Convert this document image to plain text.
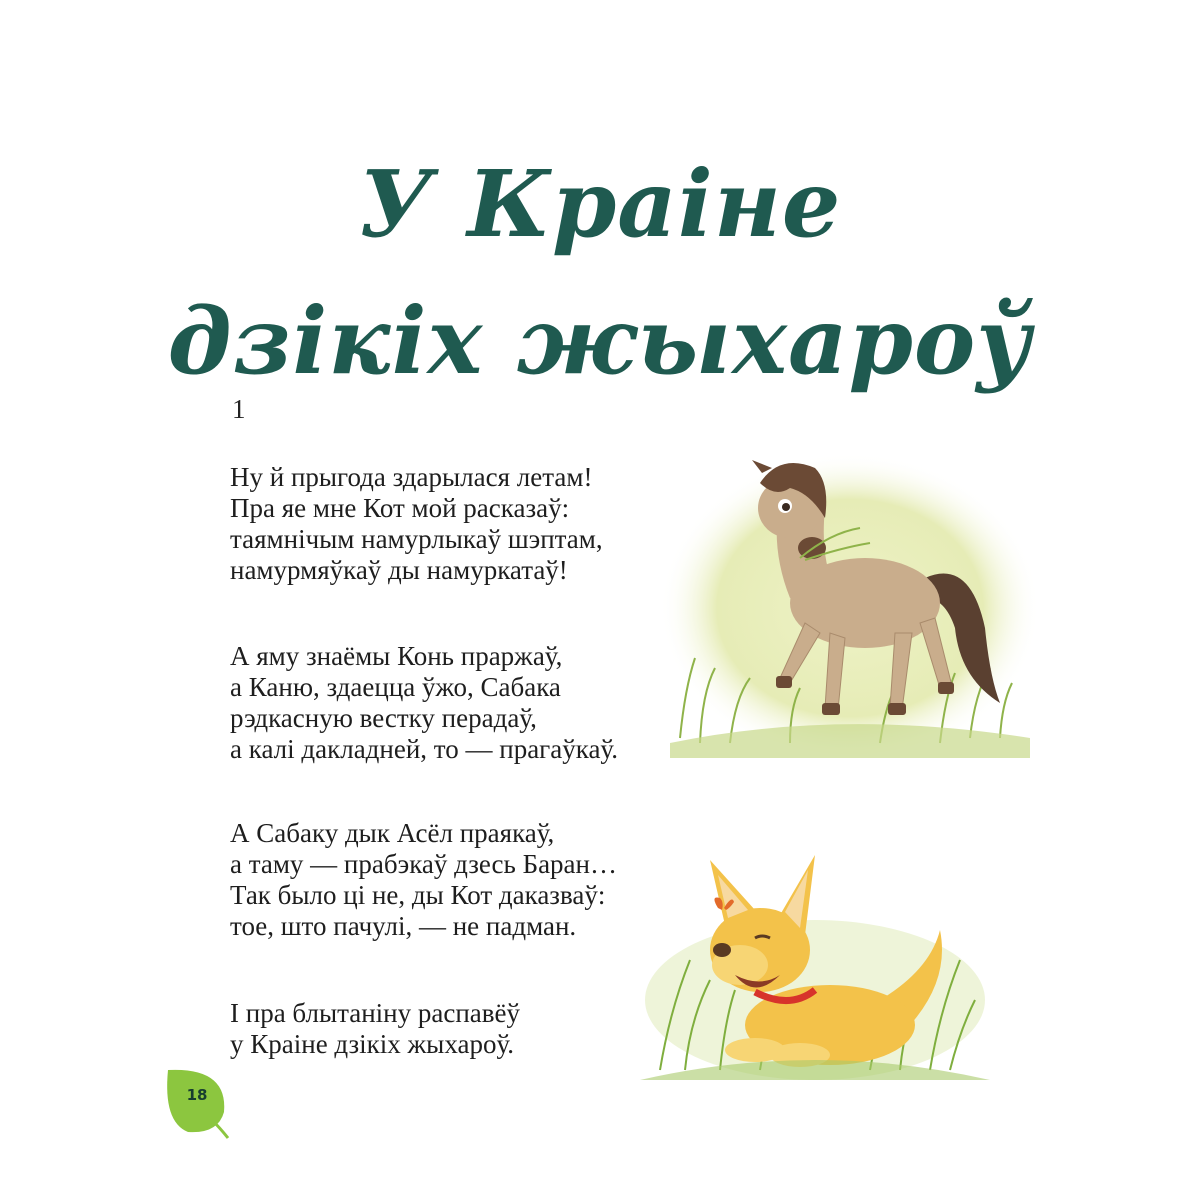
У Краіне
дзікіх жыхароў
1

Ну й прыгода здарылася летам!
Пра яе мне Кот мой расказаў:
таямнічым намурлыкаў шэптам,
намурмяўкаў ды намуркатаў!

А яму знаёмы Конь праржаў,
а Каню, здаецца ўжо, Сабака
рэдкасную вестку перадаў,
а калі дакладней, то — прагаўкаў.

А Сабаку дык Асёл праякаў,
а таму — прабэкаў дзесь Баран…
Так было ці не, ды Кот даказваў:
тое, што пачулі, — не падман.

І пра блытаніну распавёў
у Краіне дзікіх жыхароў.

18
